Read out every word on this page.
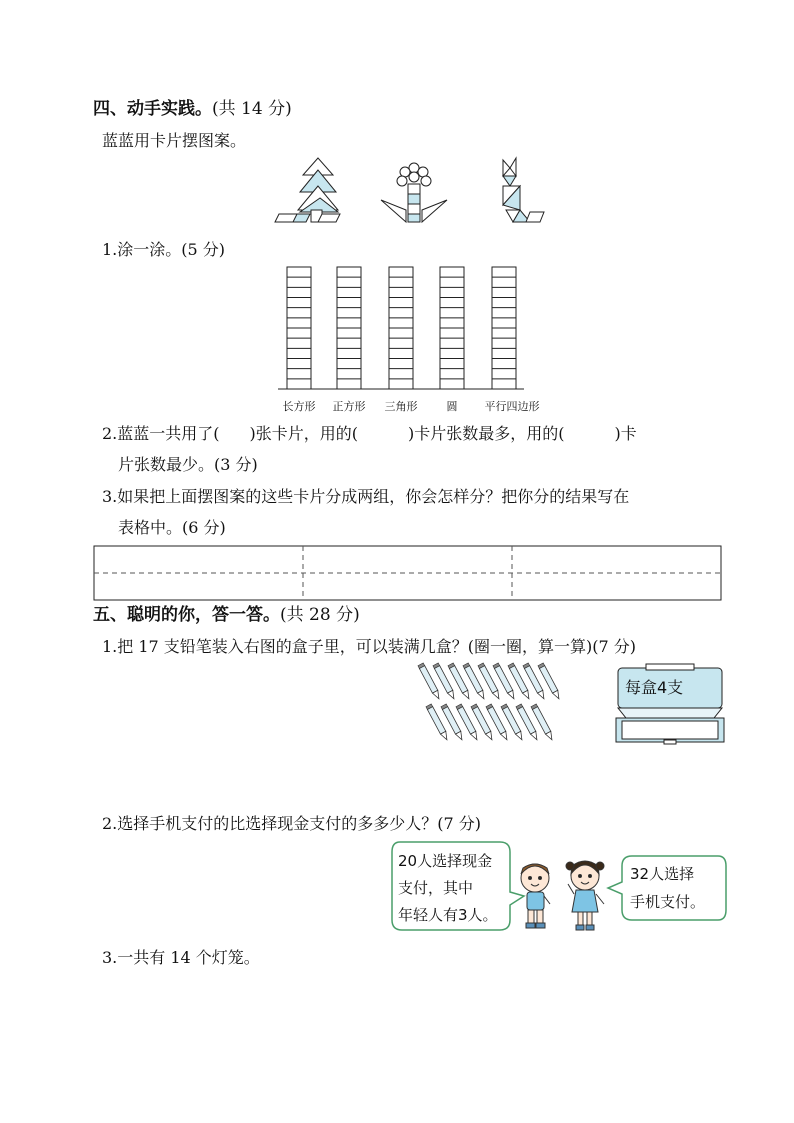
四、动手实践。(共 14 分)
蓝蓝用卡片摆图案。
1.涂一涂。(5 分)
长方形 正方形 三角形	圆 平行四边形
2.蓝蓝一共用了( )张卡片，用的(	)卡片张数最多，用的(	)卡
片张数最少。(3 分)
3.如果把上面摆图案的这些卡片分成两组，你会怎样分？把你分的结果写在
表格中。(6 分)
五、聪明的你，答一答。(共 28 分)
1.把 17 支铅笔装入右图的盒子里，可以装满几盒？(圈一圈，算一算)(7 分)
每盒4支
2.选择手机支付的比选择现金支付的多多少人？(7 分)
20人选择现金
支付，其中
年轻人有3人。
32人选择
手机支付。
3.一共有 14 个灯笼。
